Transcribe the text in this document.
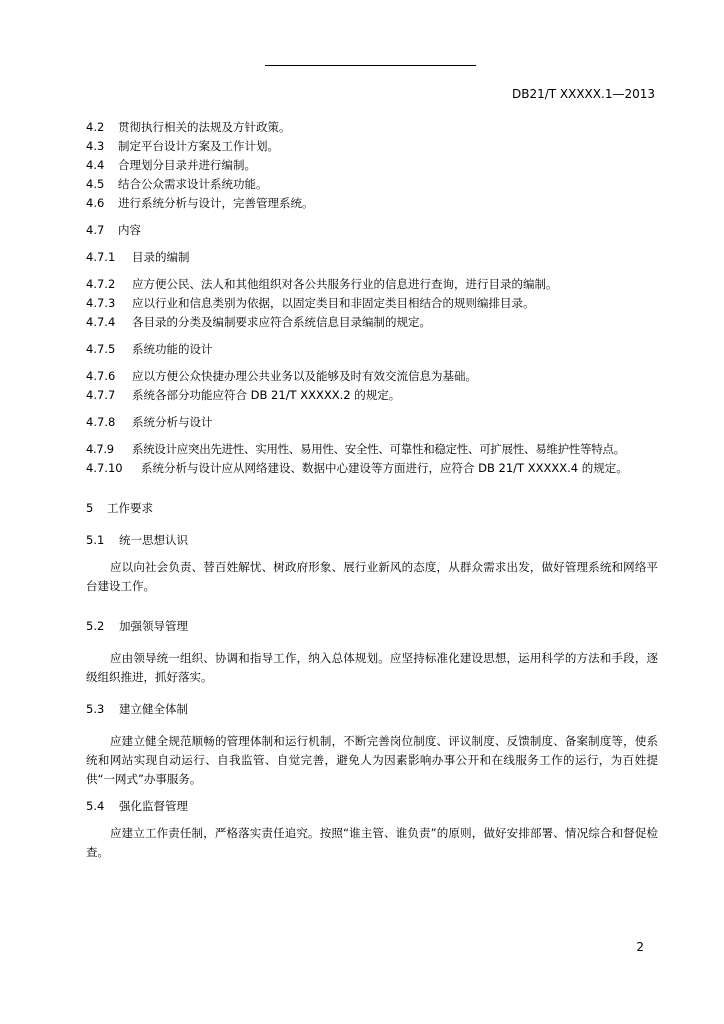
DB21/T XXXXX.1—2013
4.2	贯彻执行相关的法规及方针政策。
4.3	制定平台设计方案及工作计划。
4.4	合理划分目录并进行编制。
4.5	结合公众需求设计系统功能。
4.6	进行系统分析与设计，完善管理系统。
4.7	内容
4.7.1	目录的编制
4.7.2	应方便公民、法人和其他组织对各公共服务行业的信息进行查询，进行目录的编制。
4.7.3	应以行业和信息类别为依据，以固定类目和非固定类目相结合的规则编排目录。
4.7.4	各目录的分类及编制要求应符合系统信息目录编制的规定。
4.7.5	系统功能的设计
4.7.6	应以方便公众快捷办理公共业务以及能够及时有效交流信息为基础。
4.7.7	系统各部分功能应符合 DB 21/T XXXXX.2 的规定。
4.7.8	系统分析与设计
4.7.9	系统设计应突出先进性、实用性、易用性、安全性、可靠性和稳定性、可扩展性、易维护性等特点。
4.7.10 系统分析与设计应从网络建设、数据中心建设等方面进行，应符合 DB 21/T XXXXX.4 的规定。
5 工作要求
5.1 统一思想认识
应以向社会负责、替百姓解忧、树政府形象、展行业新风的态度，从群众需求出发，做好管理系统和网络平台建设工作。
5.2 加强领导管理
应由领导统一组织、协调和指导工作，纳入总体规划。应坚持标准化建设思想，运用科学的方法和手段，逐级组织推进，抓好落实。
5.3 建立健全体制
应建立健全规范顺畅的管理体制和运行机制，不断完善岗位制度、评议制度、反馈制度、备案制度等，使系统和网站实现自动运行、自我监管、自觉完善，避免人为因素影响办事公开和在线服务工作的运行，为百姓提供“一网式”办事服务。
5.4 强化监督管理
应建立工作责任制，严格落实责任追究。按照“谁主管、谁负责”的原则，做好安排部署、情况综合和督促检查。
2
